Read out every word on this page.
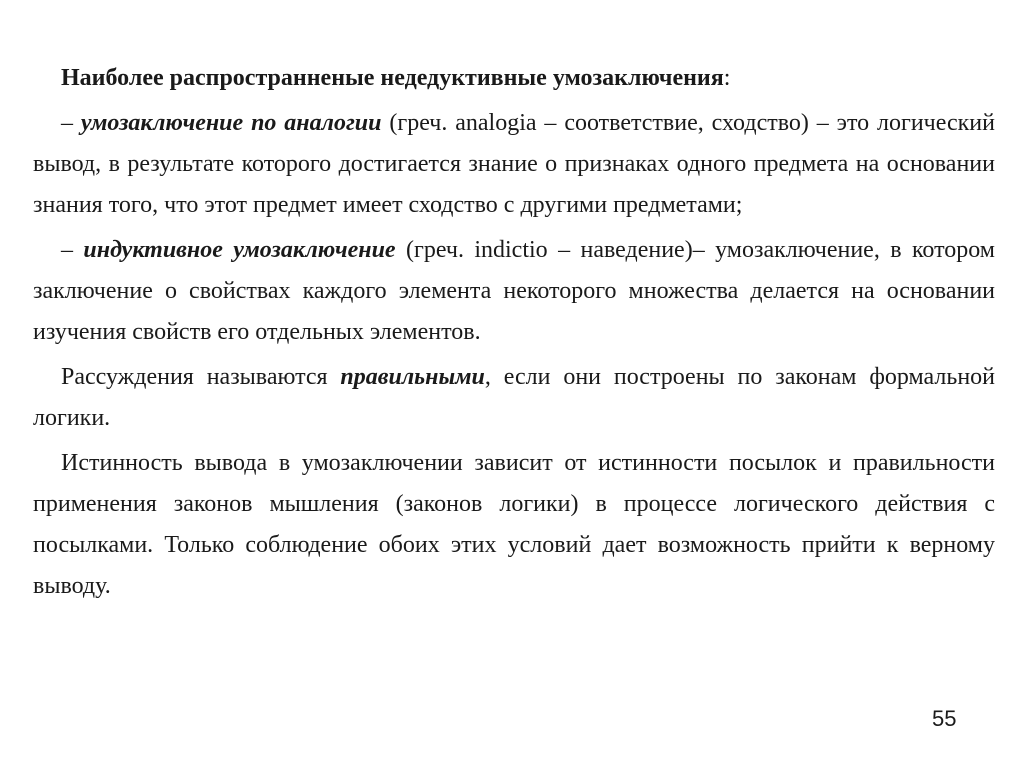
Наиболее распространненые недедуктивные умозаключения:

– умозаключение по аналогии (греч. analogia – соответствие, сходство) – это логический вывод, в результате которого достигается знание о признаках одного предмета на основании знания того, что этот предмет имеет сходство с другими предметами;

– индуктивное умозаключение (греч. indictio – наведение)– умозаключение, в котором заключение о свойствах каждого элемента некоторого множества делается на основании изучения свойств его отдельных элементов.

Рассуждения называются правильными, если они построены по законам формальной логики.

Истинность вывода в умозаключении зависит от истинности посылок и правильности применения законов мышления (законов логики) в процессе логического действия с посылками. Только соблюдение обоих этих условий дает возможность прийти к верному выводу.

55
